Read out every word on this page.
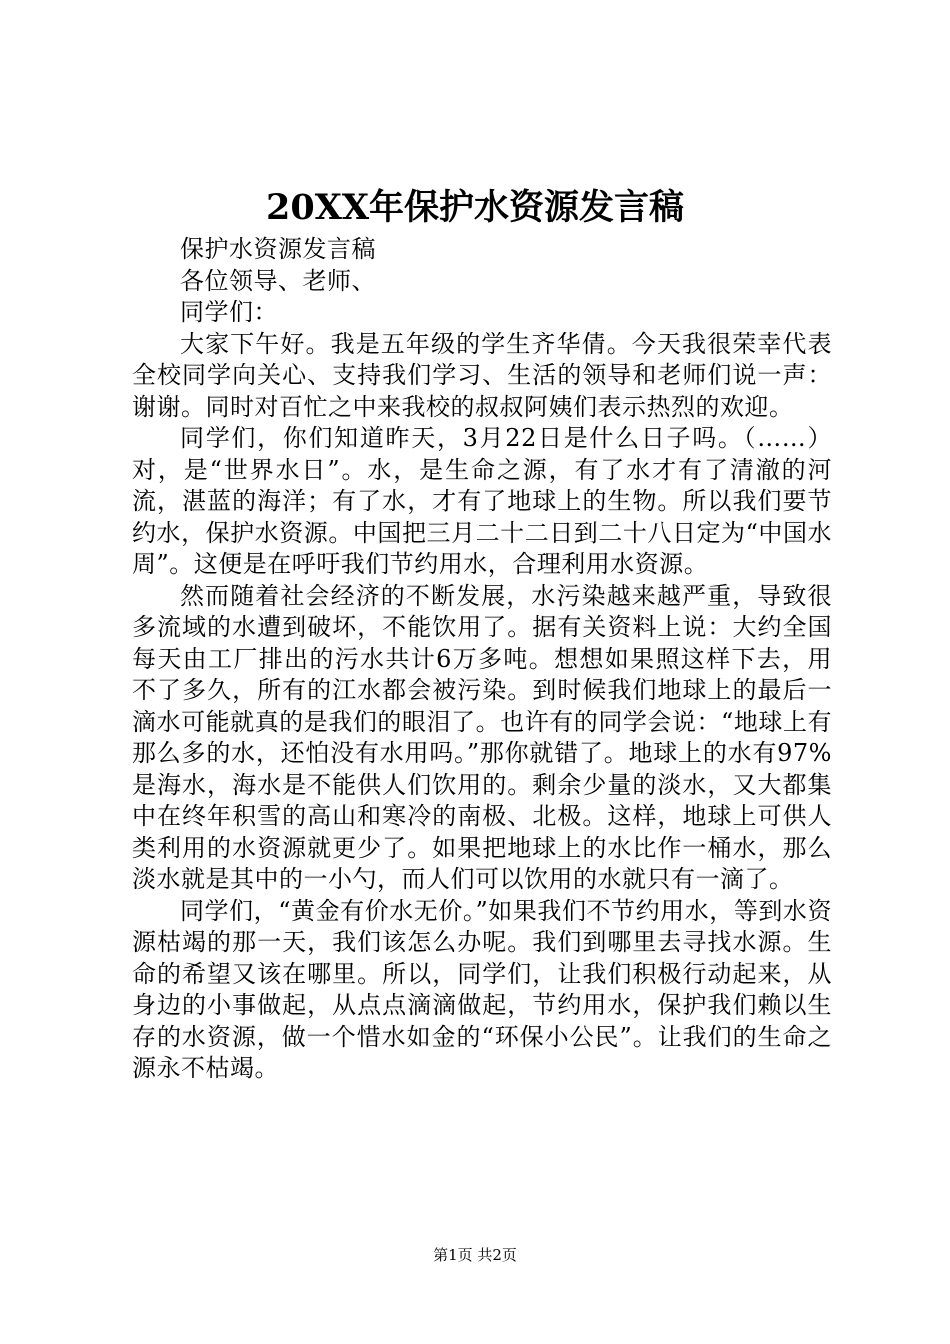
20XX年保护水资源发言稿

保护水资源发言稿

各位领导、老师、

同学们：

大家下午好。我是五年级的学生齐华倩。今天我很荣幸代表全校同学向关心、支持我们学习、生活的领导和老师们说一声：谢谢。同时对百忙之中来我校的叔叔阿姨们表示热烈的欢迎。

同学们，你们知道昨天，3月22日是什么日子吗。（……）对，是“世界水日”。水，是生命之源，有了水才有了清澈的河流，湛蓝的海洋；有了水，才有了地球上的生物。所以我们要节约水，保护水资源。中国把三月二十二日到二十八日定为“中国水周”。这便是在呼吁我们节约用水，合理利用水资源。

然而随着社会经济的不断发展，水污染越来越严重，导致很多流域的水遭到破坏，不能饮用了。据有关资料上说：大约全国每天由工厂排出的污水共计6万多吨。想想如果照这样下去，用不了多久，所有的江水都会被污染。到时候我们地球上的最后一滴水可能就真的是我们的眼泪了。也许有的同学会说：“地球上有那么多的水，还怕没有水用吗。”那你就错了。地球上的水有97%是海水，海水是不能供人们饮用的。剩余少量的淡水，又大都集中在终年积雪的高山和寒冷的南极、北极。这样，地球上可供人类利用的水资源就更少了。如果把地球上的水比作一桶水，那么淡水就是其中的一小勺，而人们可以饮用的水就只有一滴了。

同学们，“黄金有价水无价。”如果我们不节约用水，等到水资源枯竭的那一天，我们该怎么办呢。我们到哪里去寻找水源。生命的希望又该在哪里。所以，同学们，让我们积极行动起来，从身边的小事做起，从点点滴滴做起，节约用水，保护我们赖以生存的水资源，做一个惜水如金的“环保小公民”。让我们的生命之源永不枯竭。

第1页 共2页
